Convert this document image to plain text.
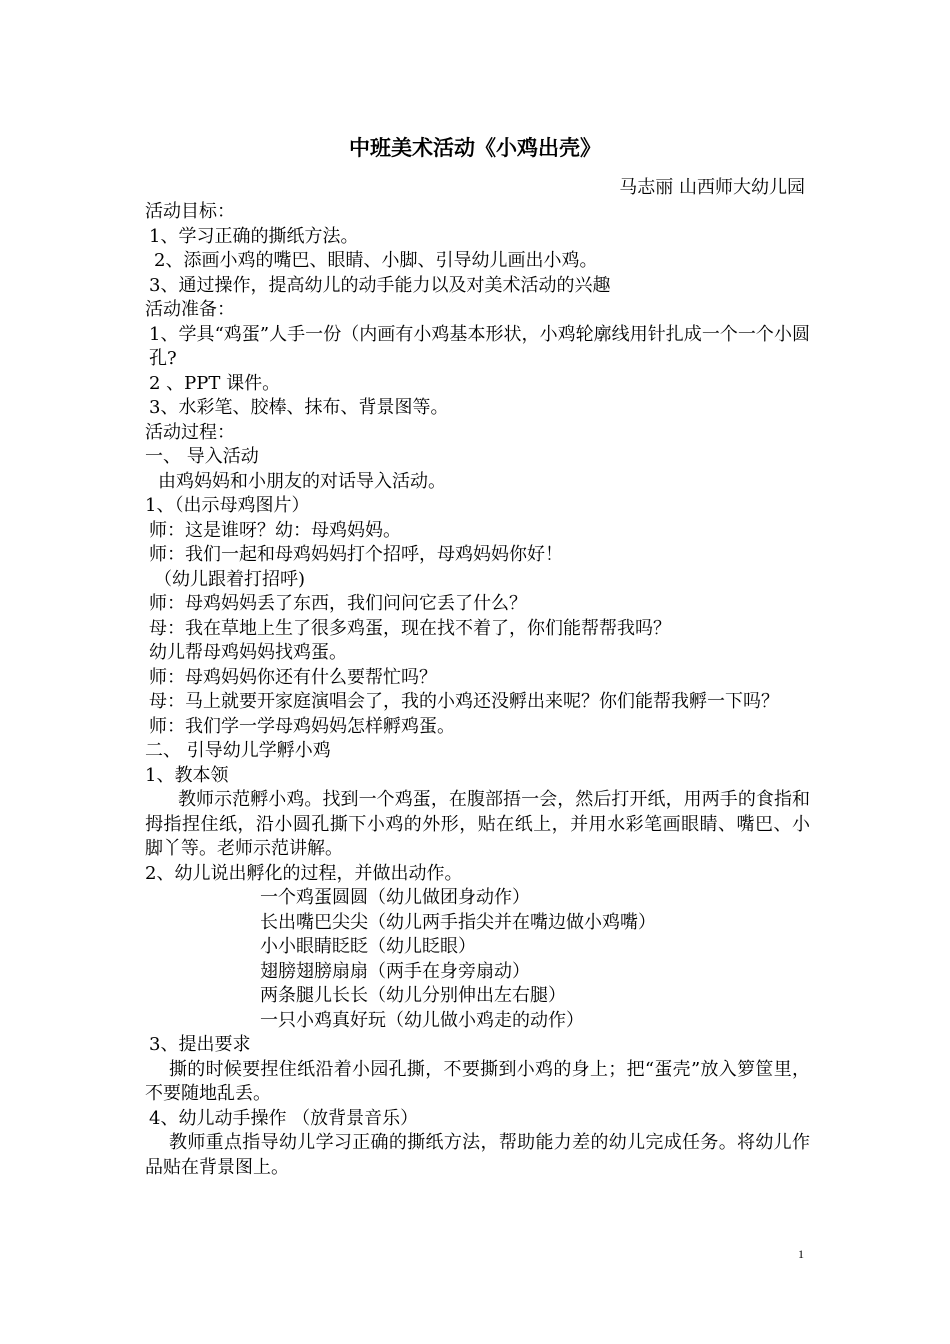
中班美术活动《小鸡出壳》
马志丽 山西师大幼儿园
活动目标：
1、学习正确的撕纸方法。
2、添画小鸡的嘴巴、眼睛、小脚、引导幼儿画出小鸡。
3、通过操作，提高幼儿的动手能力以及对美术活动的兴趣
活动准备：
1、学具“鸡蛋”人手一份（内画有小鸡基本形状，小鸡轮廓线用针扎成一个一个小圆孔?
2 、PPT 课件。
3、水彩笔、胶棒、抹布、背景图等。
活动过程：
一、 导入活动
由鸡妈妈和小朋友的对话导入活动。
1、（出示母鸡图片）
师：这是谁呀？幼：母鸡妈妈。
师：我们一起和母鸡妈妈打个招呼，母鸡妈妈你好！
（幼儿跟着打招呼)
师：母鸡妈妈丢了东西，我们问问它丢了什么？
母：我在草地上生了很多鸡蛋，现在找不着了，你们能帮帮我吗？
幼儿帮母鸡妈妈找鸡蛋。
师：母鸡妈妈你还有什么要帮忙吗？
母：马上就要开家庭演唱会了，我的小鸡还没孵出来呢？你们能帮我孵一下吗？
师：我们学一学母鸡妈妈怎样孵鸡蛋。
二、 引导幼儿学孵小鸡
1、教本领
教师示范孵小鸡。找到一个鸡蛋，在腹部捂一会，然后打开纸，用两手的食指和拇指捏住纸，沿小圆孔撕下小鸡的外形，贴在纸上，并用水彩笔画眼睛、嘴巴、小脚丫等。老师示范讲解。
2、幼儿说出孵化的过程，并做出动作。
一个鸡蛋圆圆（幼儿做团身动作）
长出嘴巴尖尖（幼儿两手指尖并在嘴边做小鸡嘴）
小小眼睛眨眨（幼儿眨眼）
翅膀翅膀扇扇（两手在身旁扇动）
两条腿儿长长（幼儿分别伸出左右腿）
一只小鸡真好玩（幼儿做小鸡走的动作）
3、提出要求
撕的时候要捏住纸沿着小园孔撕，不要撕到小鸡的身上；把“蛋壳”放入箩筐里，不要随地乱丢。
4、幼儿动手操作 （放背景音乐）
教师重点指导幼儿学习正确的撕纸方法，帮助能力差的幼儿完成任务。将幼儿作品贴在背景图上。
1
